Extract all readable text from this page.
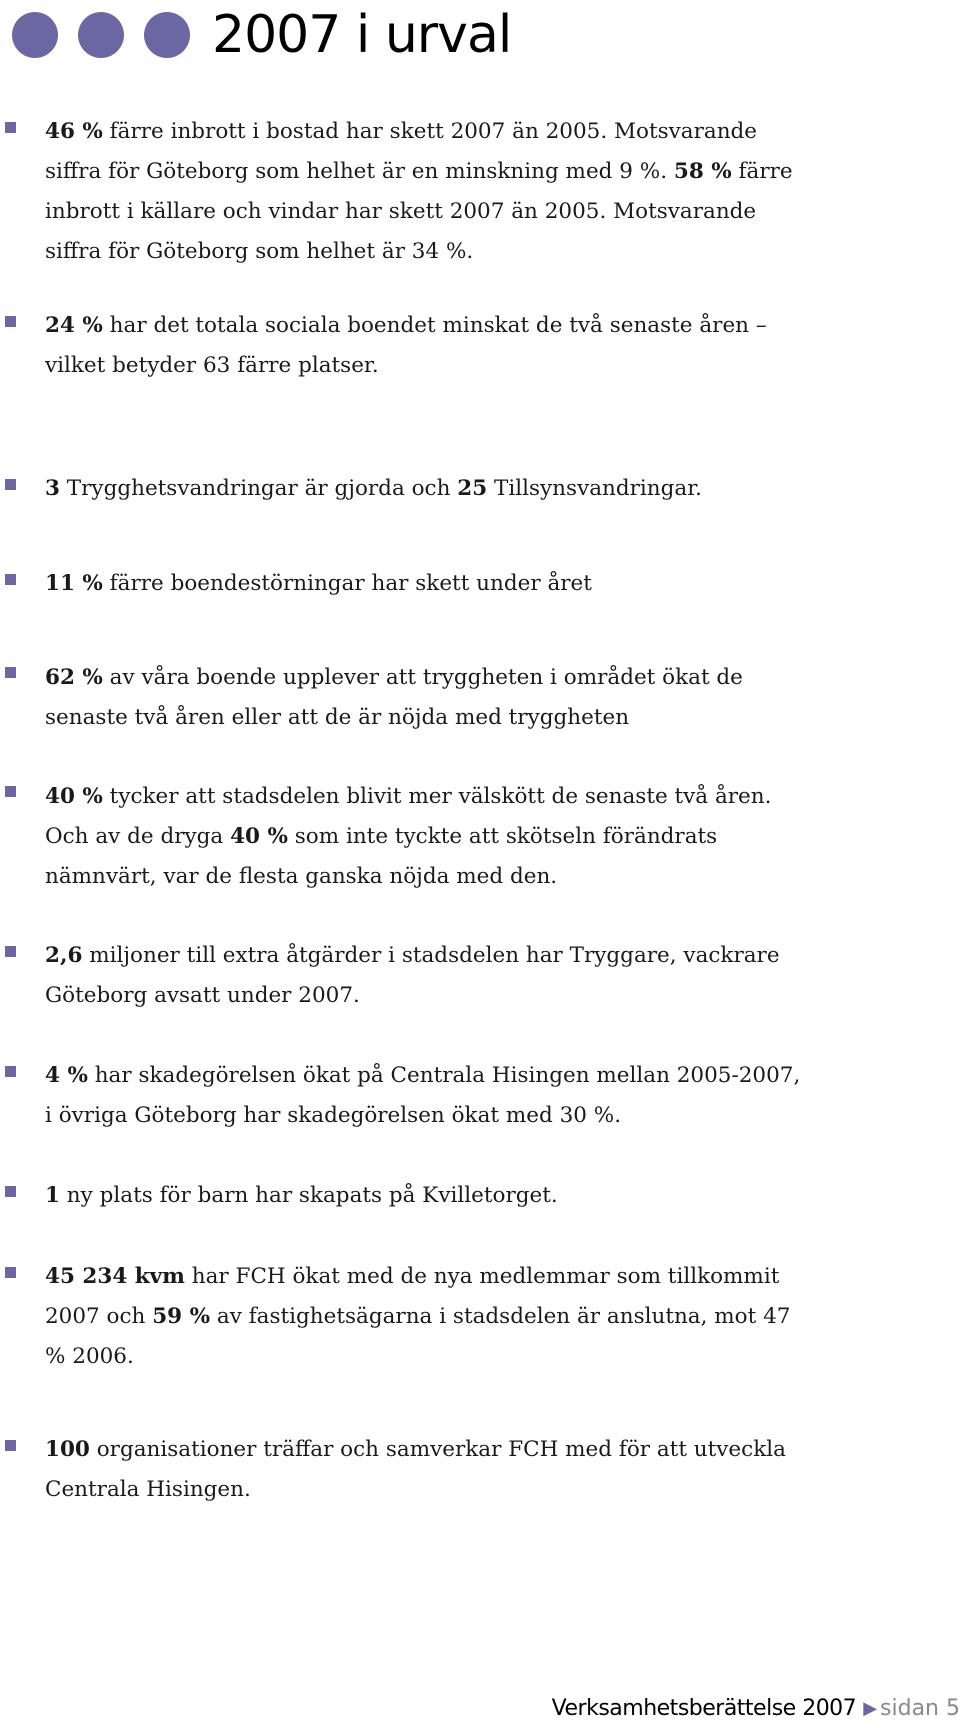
2007 i urval

46 % färre inbrott i bostad har skett 2007 än 2005. Motsvarande siffra för Göteborg som helhet är en minskning med 9 %. 58 % färre inbrott i källare och vindar har skett 2007 än 2005. Motsvarande siffra för Göteborg som helhet är 34 %.

24 % har det totala sociala boendet minskat de två senaste åren – vilket betyder 63 färre platser.

3 Trygghetsvandringar är gjorda och 25 Tillsynsvandringar.

11 % färre boendestörningar har skett under året

62 % av våra boende upplever att tryggheten i området ökat de senaste två åren eller att de är nöjda med tryggheten

40 % tycker att stadsdelen blivit mer välskött de senaste två åren. Och av de dryga 40 % som inte tyckte att skötseln förändrats nämnvärt, var de flesta ganska nöjda med den.

2,6 miljoner till extra åtgärder i stadsdelen har Tryggare, vackrare Göteborg avsatt under 2007.

4 % har skadegörelsen ökat på Centrala Hisingen mellan 2005-2007, i övriga Göteborg har skadegörelsen ökat med 30 %.

1 ny plats för barn har skapats på Kvilletorget.

45 234 kvm har FCH ökat med de nya medlemmar som tillkommit 2007 och 59 % av fastighetsägarna i stadsdelen är anslutna, mot 47 % 2006.

100 organisationer träffar och samverkar FCH med för att utveckla Centrala Hisingen.

Verksamhetsberättelse 2007 ▶ sidan 5
